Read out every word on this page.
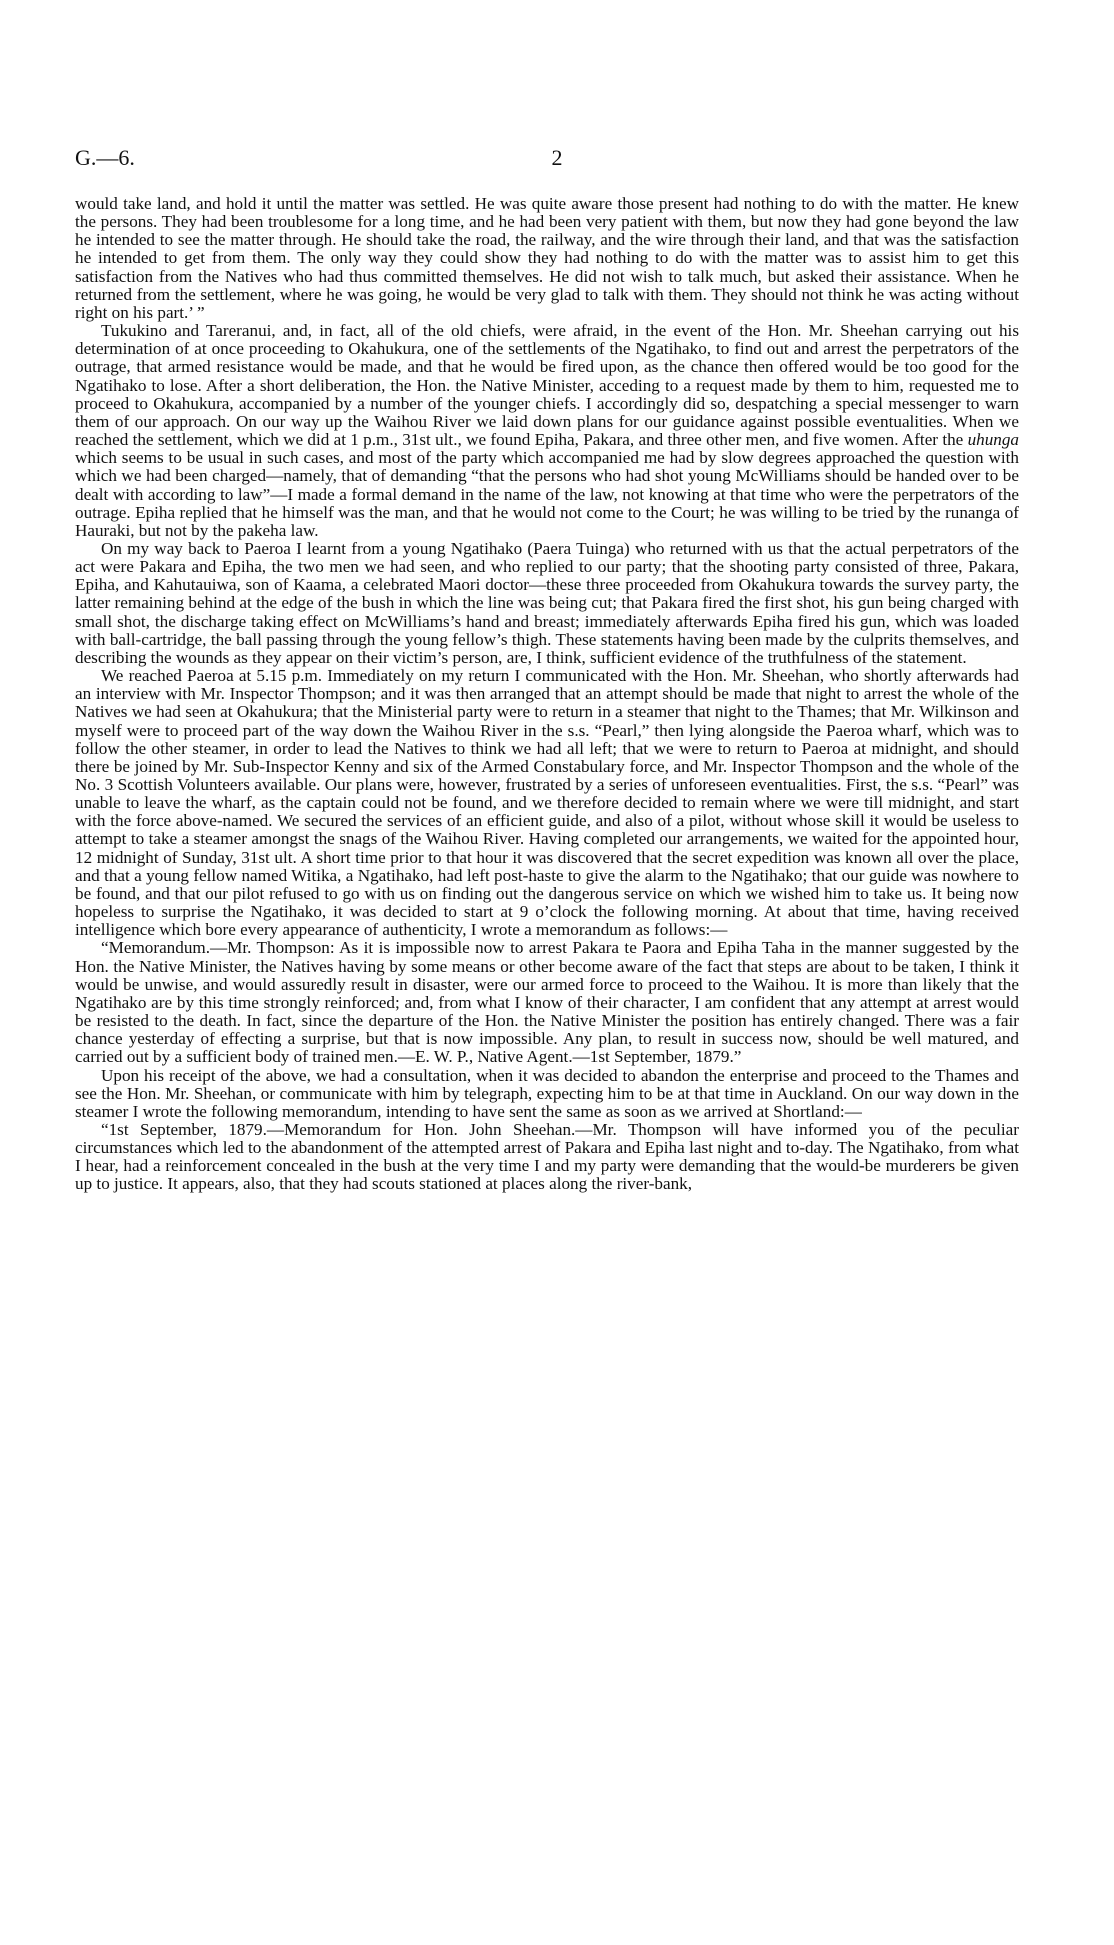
G.—6.	2

would take land, and hold it until the matter was settled. He was quite aware those present had nothing to do with the matter. He knew the persons. They had been troublesome for a long time, and he had been very patient with them, but now they had gone beyond the law he intended to see the matter through. He should take the road, the railway, and the wire through their land, and that was the satisfaction he intended to get from them. The only way they could show they had nothing to do with the matter was to assist him to get this satisfaction from the Natives who had thus committed themselves. He did not wish to talk much, but asked their assistance. When he returned from the settlement, where he was going, he would be very glad to talk with them. They should not think he was acting without right on his part.’ ”

Tukukino and Tareranui, and, in fact, all of the old chiefs, were afraid, in the event of the Hon. Mr. Sheehan carrying out his determination of at once proceeding to Okahukura, one of the settlements of the Ngatihako, to find out and arrest the perpetrators of the outrage, that armed resistance would be made, and that he would be fired upon, as the chance then offered would be too good for the Ngatihako to lose. After a short deliberation, the Hon. the Native Minister, acceding to a request made by them to him, requested me to proceed to Okahukura, accompanied by a number of the younger chiefs. I accordingly did so, despatching a special messenger to warn them of our approach. On our way up the Waihou River we laid down plans for our guidance against possible eventualities. When we reached the settlement, which we did at 1 p.m., 31st ult., we found Epiha, Pakara, and three other men, and five women. After the uhunga which seems to be usual in such cases, and most of the party which accompanied me had by slow degrees approached the question with which we had been charged—namely, that of demanding “that the persons who had shot young McWilliams should be handed over to be dealt with according to law”—I made a formal demand in the name of the law, not knowing at that time who were the perpetrators of the outrage. Epiha replied that he himself was the man, and that he would not come to the Court; he was willing to be tried by the runanga of Hauraki, but not by the pakeha law.

On my way back to Paeroa I learnt from a young Ngatihako (Paera Tuinga) who returned with us that the actual perpetrators of the act were Pakara and Epiha, the two men we had seen, and who replied to our party; that the shooting party consisted of three, Pakara, Epiha, and Kahutauiwa, son of Kaama, a celebrated Maori doctor—these three proceeded from Okahukura towards the survey party, the latter remaining behind at the edge of the bush in which the line was being cut; that Pakara fired the first shot, his gun being charged with small shot, the discharge taking effect on McWilliams’s hand and breast; immediately afterwards Epiha fired his gun, which was loaded with ball-cartridge, the ball passing through the young fellow’s thigh. These statements having been made by the culprits themselves, and describing the wounds as they appear on their victim’s person, are, I think, sufficient evidence of the truthfulness of the statement.

We reached Paeroa at 5.15 p.m. Immediately on my return I communicated with the Hon. Mr. Sheehan, who shortly afterwards had an interview with Mr. Inspector Thompson; and it was then arranged that an attempt should be made that night to arrest the whole of the Natives we had seen at Okahukura; that the Ministerial party were to return in a steamer that night to the Thames; that Mr. Wilkinson and myself were to proceed part of the way down the Waihou River in the s.s. “Pearl,” then lying alongside the Paeroa wharf, which was to follow the other steamer, in order to lead the Natives to think we had all left; that we were to return to Paeroa at midnight, and should there be joined by Mr. Sub-Inspector Kenny and six of the Armed Constabulary force, and Mr. Inspector Thompson and the whole of the No. 3 Scottish Volunteers available. Our plans were, however, frustrated by a series of unforeseen eventualities. First, the s.s. “Pearl” was unable to leave the wharf, as the captain could not be found, and we therefore decided to remain where we were till midnight, and start with the force above-named. We secured the services of an efficient guide, and also of a pilot, without whose skill it would be useless to attempt to take a steamer amongst the snags of the Waihou River. Having completed our arrangements, we waited for the appointed hour, 12 midnight of Sunday, 31st ult. A short time prior to that hour it was discovered that the secret expedition was known all over the place, and that a young fellow named Witika, a Ngatihako, had left post-haste to give the alarm to the Ngatihako; that our guide was nowhere to be found, and that our pilot refused to go with us on finding out the dangerous service on which we wished him to take us. It being now hopeless to surprise the Ngatihako, it was decided to start at 9 o’clock the following morning. At about that time, having received intelligence which bore every appearance of authenticity, I wrote a memorandum as follows:—

“Memorandum.—Mr. Thompson: As it is impossible now to arrest Pakara te Paora and Epiha Taha in the manner suggested by the Hon. the Native Minister, the Natives having by some means or other become aware of the fact that steps are about to be taken, I think it would be unwise, and would assuredly result in disaster, were our armed force to proceed to the Waihou. It is more than likely that the Ngatihako are by this time strongly reinforced; and, from what I know of their character, I am confident that any attempt at arrest would be resisted to the death. In fact, since the departure of the Hon. the Native Minister the position has entirely changed. There was a fair chance yesterday of effecting a surprise, but that is now impossible. Any plan, to result in success now, should be well matured, and carried out by a sufficient body of trained men.—E. W. P., Native Agent.—1st September, 1879.”

Upon his receipt of the above, we had a consultation, when it was decided to abandon the enterprise and proceed to the Thames and see the Hon. Mr. Sheehan, or communicate with him by telegraph, expecting him to be at that time in Auckland. On our way down in the steamer I wrote the following memorandum, intending to have sent the same as soon as we arrived at Shortland:—

“1st September, 1879.—Memorandum for Hon. John Sheehan.—Mr. Thompson will have informed you of the peculiar circumstances which led to the abandonment of the attempted arrest of Pakara and Epiha last night and to-day. The Ngatihako, from what I hear, had a reinforcement concealed in the bush at the very time I and my party were demanding that the would-be murderers be given up to justice. It appears, also, that they had scouts stationed at places along the river-bank,
